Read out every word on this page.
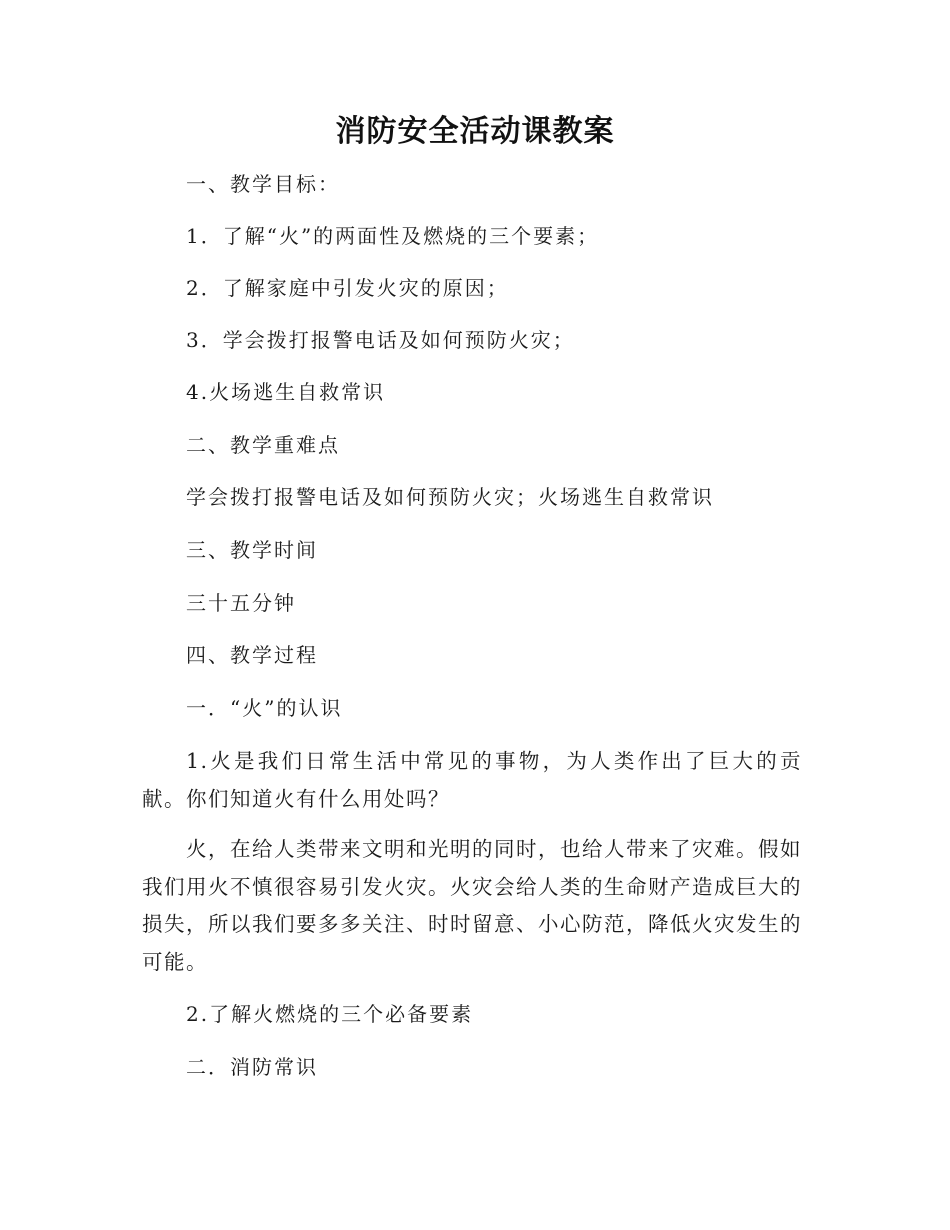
消防安全活动课教案
一、教学目标：
1．了解“火”的两面性及燃烧的三个要素；
2．了解家庭中引发火灾的原因；
3．学会拨打报警电话及如何预防火灾；
4.火场逃生自救常识
二、教学重难点
学会拨打报警电话及如何预防火灾；火场逃生自救常识
三、教学时间
三十五分钟
四、教学过程
一．“火”的认识
1.火是我们日常生活中常见的事物，为人类作出了巨大的贡献。你们知道火有什么用处吗？
火，在给人类带来文明和光明的同时，也给人带来了灾难。假如我们用火不慎很容易引发火灾。火灾会给人类的生命财产造成巨大的损失，所以我们要多多关注、时时留意、小心防范，降低火灾发生的可能。
2.了解火燃烧的三个必备要素
二．消防常识
